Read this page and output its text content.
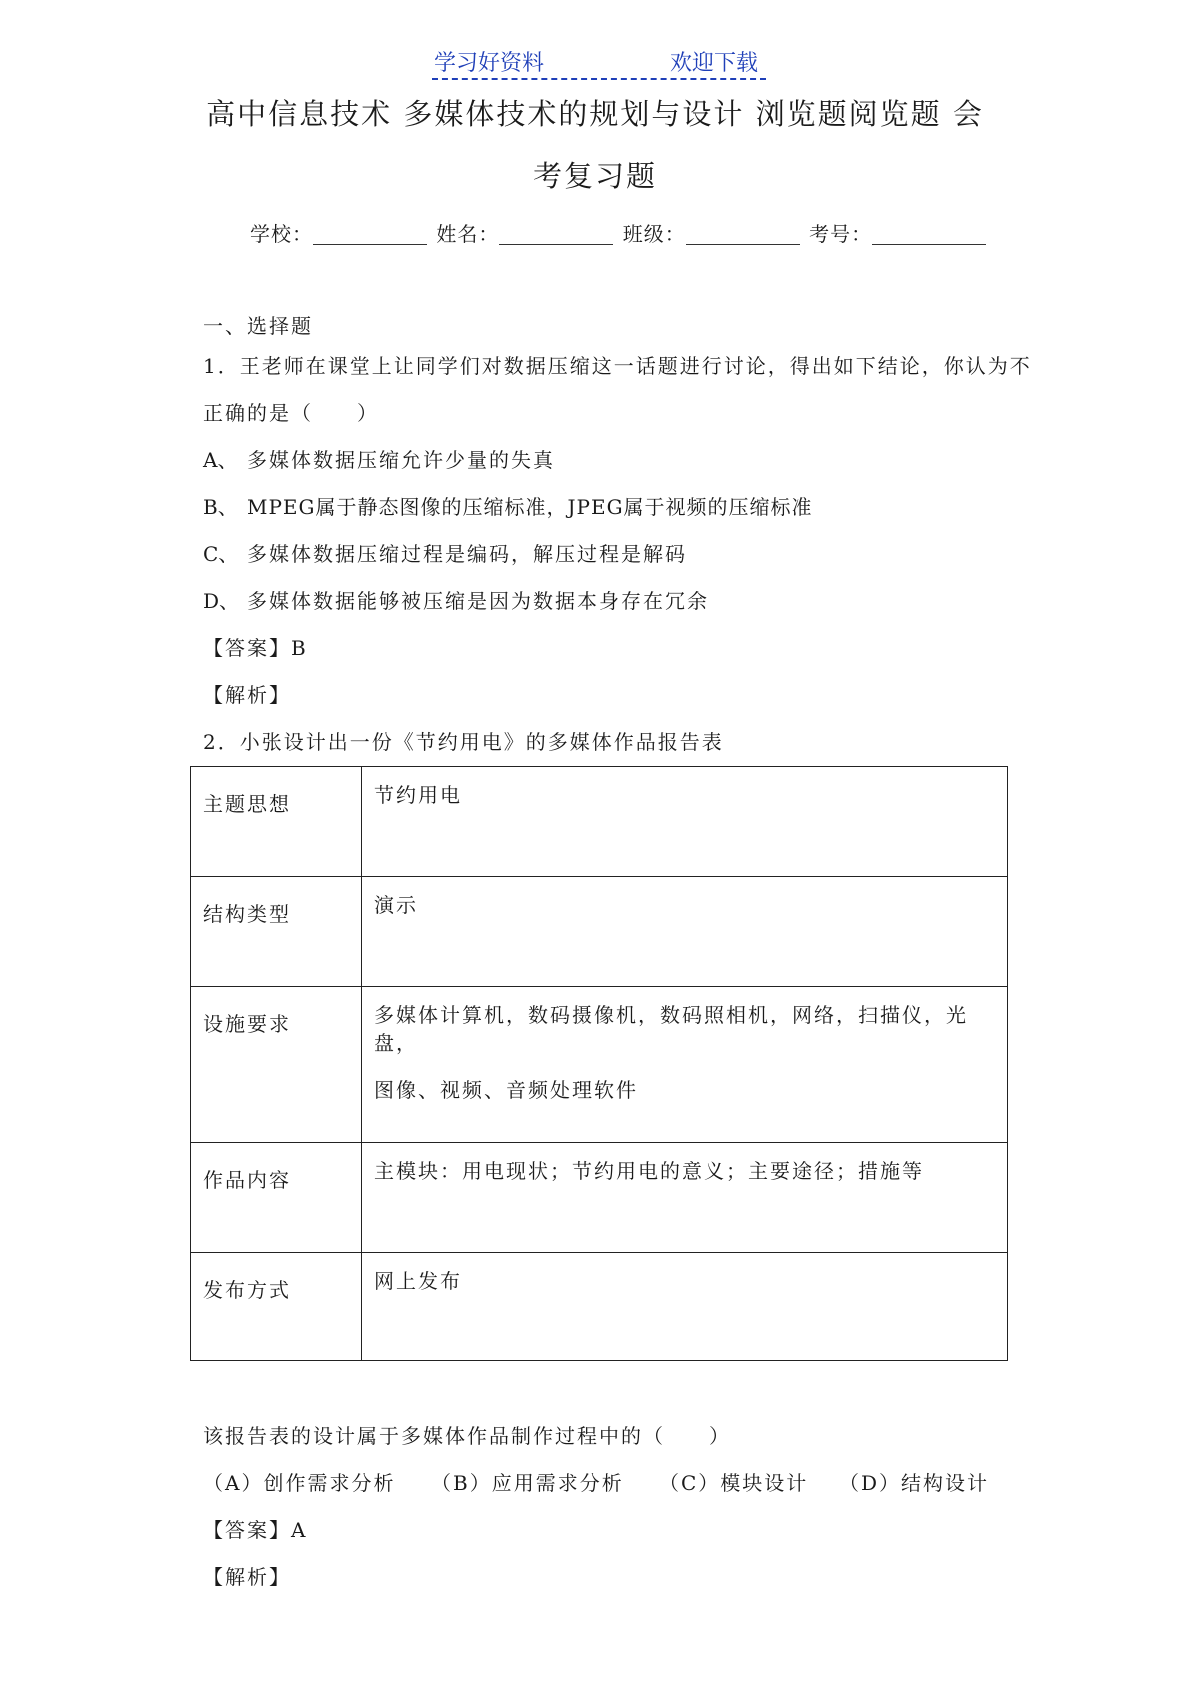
学习好资料	欢迎下载
高中信息技术 多媒体技术的规划与设计 浏览题阅览题 会
考复习题
学校：	姓名：	班级：	考号：
一、选择题
1．王老师在课堂上让同学们对数据压缩这一话题进行讨论，得出如下结论，你认为不
正确的是（　　）
A、 多媒体数据压缩允许少量的失真
B、 MPEG属于静态图像的压缩标准，JPEG属于视频的压缩标准
C、 多媒体数据压缩过程是编码，解压过程是解码
D、 多媒体数据能够被压缩是因为数据本身存在冗余
【答案】B
【解析】
2．小张设计出一份《节约用电》的多媒体作品报告表
主题思想	节约用电

结构类型	演示

设施要求	多媒体计算机，数码摄像机，数码照相机，网络，扫描仪，光盘，

图像、视频、音频处理软件

作品内容	主模块：用电现状；节约用电的意义；主要途径；措施等

发布方式	网上发布

该报告表的设计属于多媒体作品制作过程中的（　　）
（A）创作需求分析 （B）应用需求分析 （C）模块设计 （D）结构设计
【答案】A
【解析】
